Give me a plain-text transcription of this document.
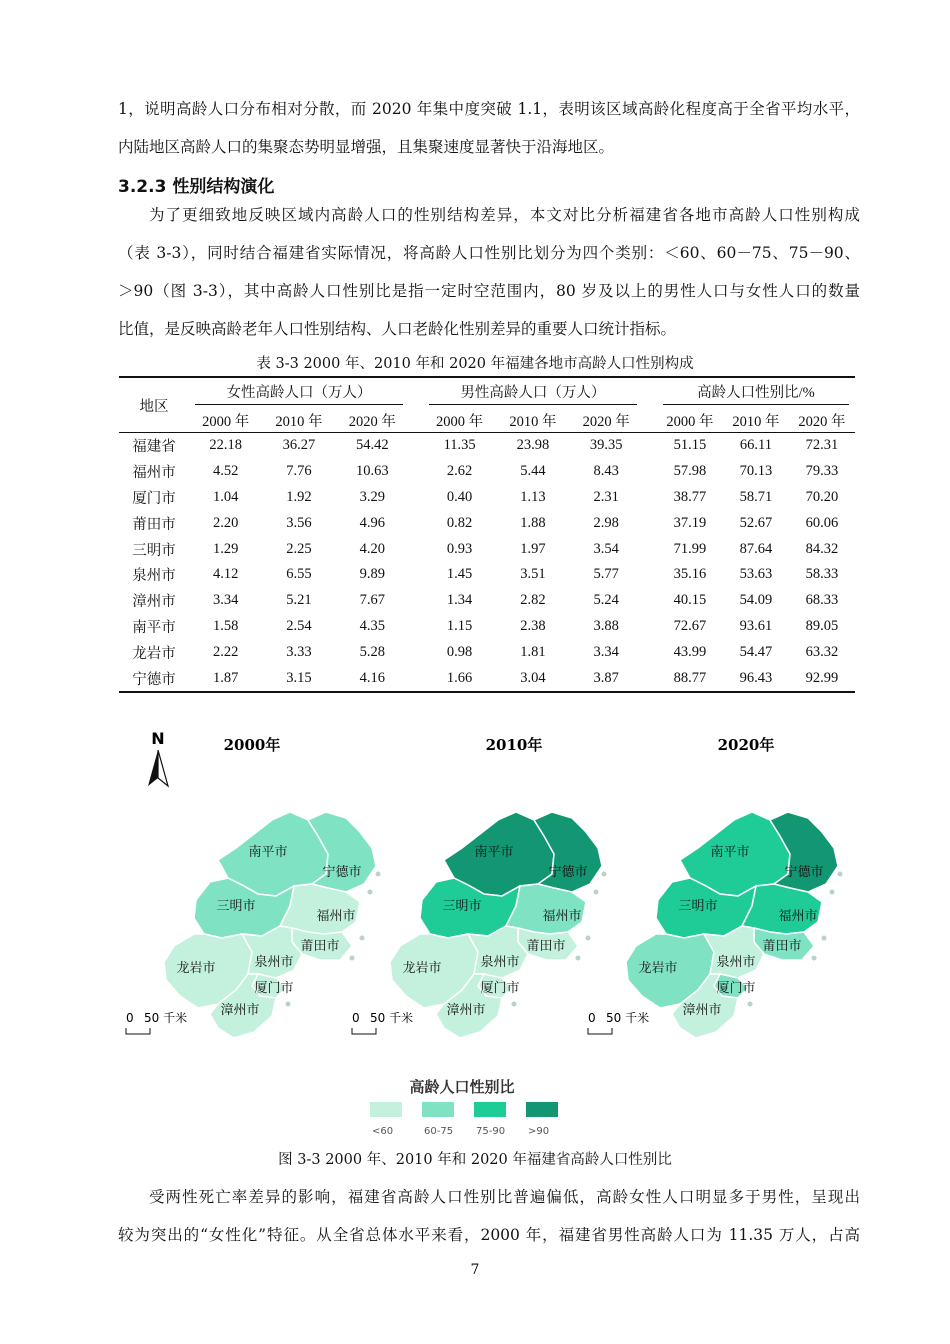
1，说明高龄人口分布相对分散，而 2020 年集中度突破 1.1，表明该区域高龄化程度高于全省平均水平，

内陆地区高龄人口的集聚态势明显增强，且集聚速度显著快于沿海地区。

3.2.3 性别结构演化

为了更细致地反映区域内高龄人口的性别结构差异，本文对比分析福建省各地市高龄人口性别构成

（表 3-3），同时结合福建省实际情况，将高龄人口性别比划分为四个类别：＜60、60－75、75－90、

＞90（图 3-3），其中高龄人口性别比是指一定时空范围内，80 岁及以上的男性人口与女性人口的数量

比值，是反映高龄老年人口性别结构、人口老龄化性别差异的重要人口统计指标。

表 3-3 2000 年、2010 年和 2020 年福建各地市高龄人口性别构成

地区	女性高龄人口（万人）				男性高龄人口（万人）				高龄人口性别比/%		

	2000 年	2010 年	2020 年		2000 年	2010 年	2020 年		2000 年	2010 年	2020 年
福建省	22.18	36.27	54.42		11.35	23.98	39.35		51.15	66.11	72.31
福州市	4.52	7.76	10.63		2.62	5.44	8.43		57.98	70.13	79.33
厦门市	1.04	1.92	3.29		0.40	1.13	2.31		38.77	58.71	70.20
莆田市	2.20	3.56	4.96		0.82	1.88	2.98		37.19	52.67	60.06
三明市	1.29	2.25	4.20		0.93	1.97	3.54		71.99	87.64	84.32
泉州市	4.12	6.55	9.89		1.45	3.51	5.77		35.16	53.63	58.33
漳州市	3.34	5.21	7.67		1.34	2.82	5.24		40.15	54.09	68.33
南平市	1.58	2.54	4.35		1.15	2.38	3.88		72.67	93.61	89.05
龙岩市	2.22	3.33	5.28		0.98	1.81	3.34		43.99	54.47	63.32
宁德市	1.87	3.15	4.16		1.66	3.04	3.87		88.77	96.43	92.99
N	2000年
南平市
宁德市
三明市
福州市
龙岩市
莆田市
泉州市
厦门市
漳州市
0 50 千米
2010年
南平市
宁德市
三明市
福州市
龙岩市
莆田市
泉州市
厦门市
漳州市
0 50 千米
2020年
南平市
宁德市
三明市
福州市
龙岩市
莆田市
泉州市
厦门市
漳州市
0 50 千米
高龄人口性别比
<60	60-75 75-90 >90

图 3-3 2000 年、2010 年和 2020 年福建省高龄人口性别比

受两性死亡率差异的影响，福建省高龄人口性别比普遍偏低，高龄女性人口明显多于男性，呈现出

较为突出的“女性化”特征。从全省总体水平来看，2000 年，福建省男性高龄人口为 11.35 万人，占高

7
